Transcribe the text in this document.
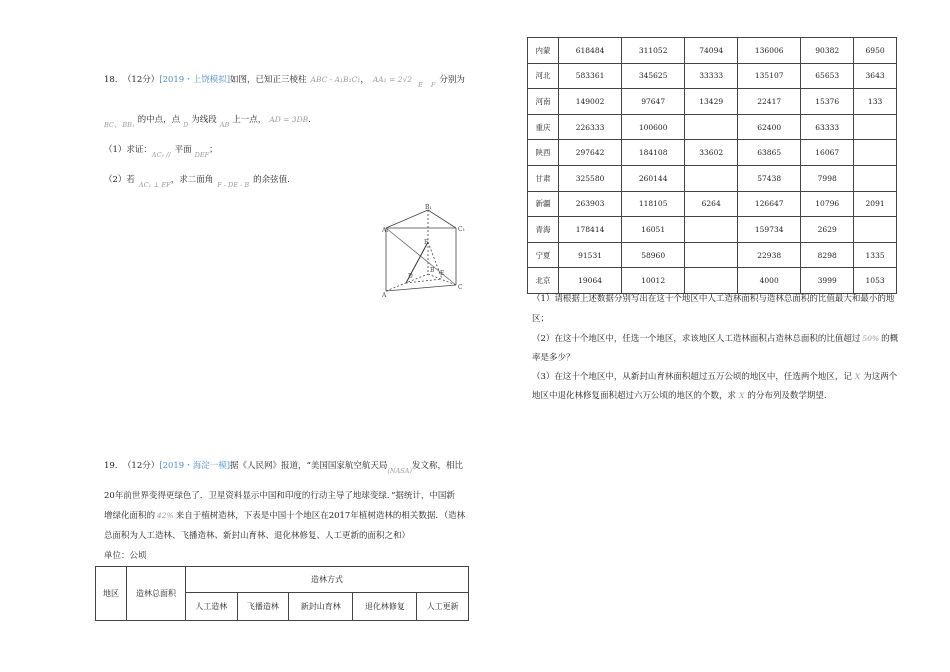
18.  （12分）[2019・上饶模拟]如图，已知正三棱柱 ABC - A₁B₁C₁， $AA_1 = 2√2_E$ $_F$ 分别为
$_{BC}$、$_{BB_1}$ 的中点，点 $_D$ 为线段 $_{AB}$ 上一点， AD = 3DB.
（1）求证：$_{AC_1 //}$ 平面 $_{DEF}$；
（2）若 $_{AC_1 \perp EF}$，求二面角 $_{F - DE - B}$ 的余弦值.
B₁
A₁	C₁
F
B
A
C
D	E
19.  （12分）[2019・海淀一模]据《人民网》报道，“美国国家航空航天局$_{(NASA)}$发文称，相比
20年前世界变得更绿色了．卫星资料显示中国和印度的行动主导了地球变绿．”据统计，中国新
增绿化面积的 42% 来自于植树造林，下表是中国十个地区在2017年植树造林的相关数据．（造林
总面积为人工造林、飞播造林、新封山育林、退化林修复、人工更新的面积之和）
单位：公顷
地区	造林总面积	造林方式				
		人工造林	飞播造林	新封山育林	退化林修复	人工更新
内蒙	618484	311052	74094	136006	90382	6950
河北	583361	345625	33333	135107	65653	3643
河南	149002	97647	13429	22417	15376	133
重庆	226333	100600		62400	63333	
陕西	297642	184108	33602	63865	16067	
甘肃	325580	260144		57438	7998	
新疆	263903	118105	6264	126647	10796	2091
青海	178414	16051		159734	2629	
宁夏	91531	58960		22938	8298	1335
北京	19064	10012		4000	3999	1053
（1）请根据上述数据分别写出在这十个地区中人工造林面积与造林总面积的比值最大和最小的地
区；
（2）在这十个地区中，任选一个地区，求该地区人工造林面积占造林总面积的比值超过 50% 的概
率是多少？
（3）在这十个地区中，从新封山育林面积超过五万公顷的地区中，任选两个地区，记 X 为这两个
地区中退化林修复面积超过六万公顷的地区的个数，求 X 的分布列及数学期望.
